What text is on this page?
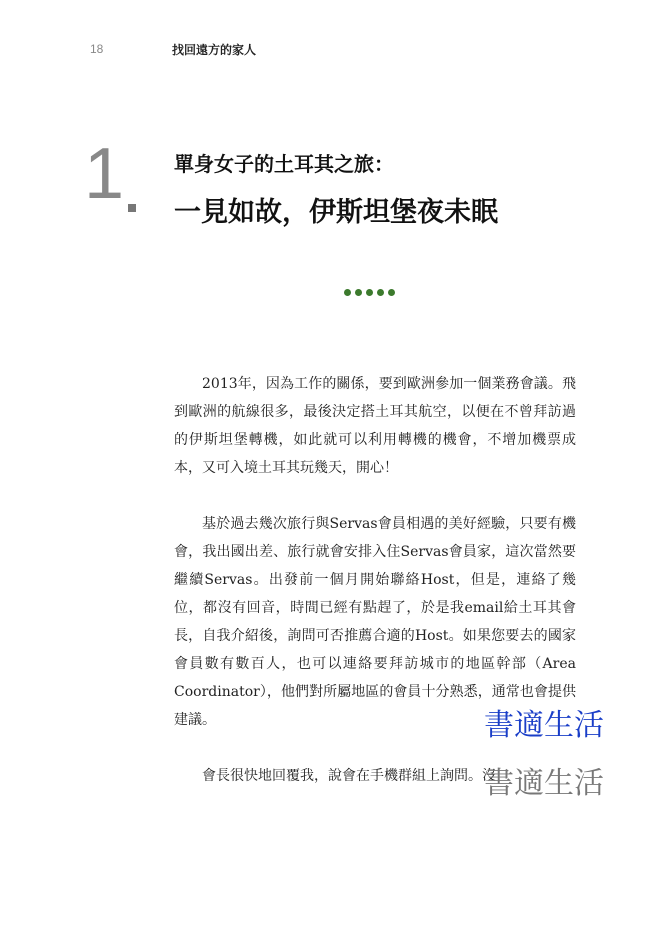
18	找回遠方的家人
1	單身女子的土耳其之旅：
一見如故，伊斯坦堡夜未眠

2013年，因為工作的關係，要到歐洲參加一個業務會議。飛到歐洲的航線很多，最後決定搭土耳其航空，以便在不曾拜訪過的伊斯坦堡轉機，如此就可以利用轉機的機會，不增加機票成本，又可入境土耳其玩幾天，開心！

基於過去幾次旅行與Servas會員相遇的美好經驗，只要有機會，我出國出差、旅行就會安排入住Servas會員家，這次當然要繼續Servas。出發前一個月開始聯絡Host，但是，連絡了幾位，都沒有回音，時間已經有點趕了，於是我email給土耳其會長，自我介紹後，詢問可否推薦合適的Host。如果您要去的國家會員數有數百人，也可以連絡要拜訪城市的地區幹部（Area Coordinator），他們對所屬地區的會員十分熟悉，通常也會提供建議。

會長很快地回覆我，說會在手機群組上詢問。沒

書適生活
書適生活
